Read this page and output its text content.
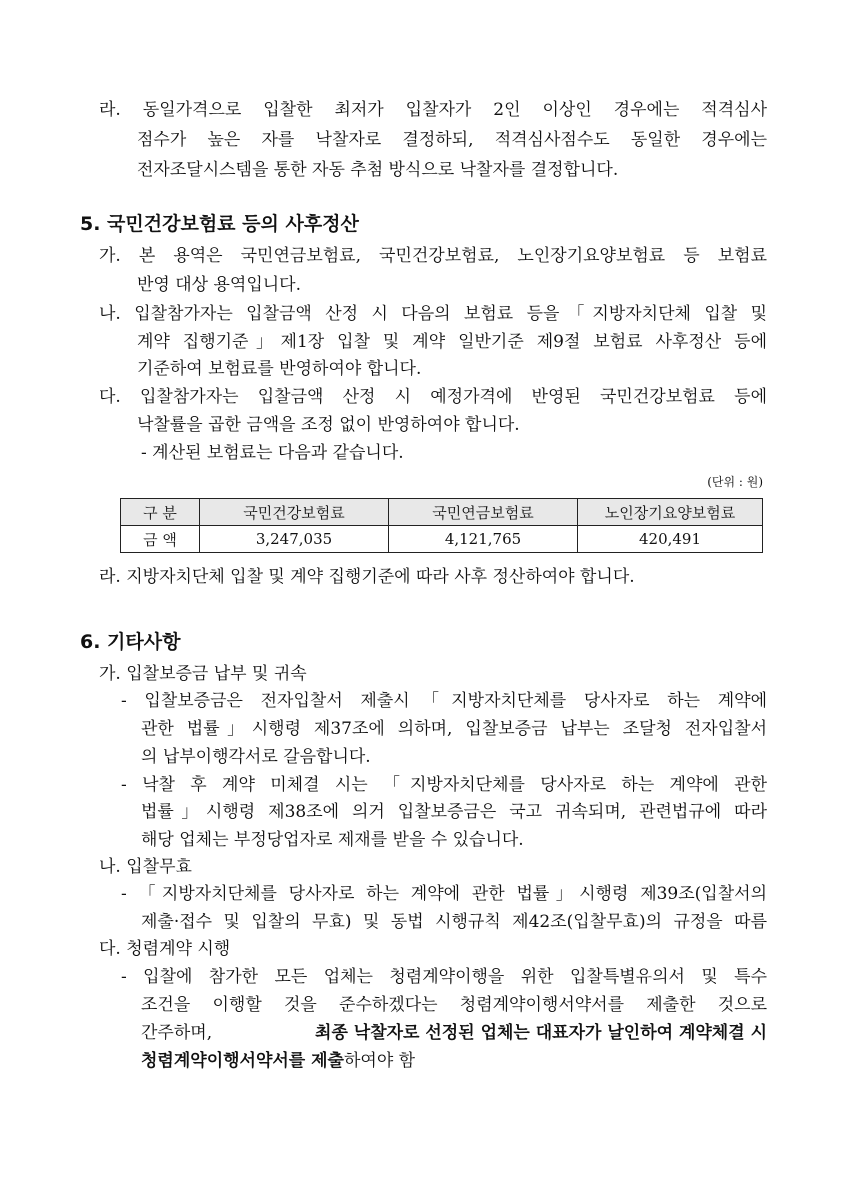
라. 동일가격으로 입찰한 최저가 입찰자가 2인 이상인 경우에는 적격심사
점수가 높은 자를 낙찰자로 결정하되, 적격심사점수도 동일한 경우에는
전자조달시스템을 통한 자동 추첨 방식으로 낙찰자를 결정합니다.
5. 국민건강보험료 등의 사후정산
가. 본 용역은 국민연금보험료, 국민건강보험료, 노인장기요양보험료 등 보험료
반영 대상 용역입니다.
나. 입찰참가자는 입찰금액 산정 시 다음의 보험료 등을「지방자치단체 입찰 및
계약 집행기준」제1장 입찰 및 계약 일반기준 제9절 보험료 사후정산 등에
기준하여 보험료를 반영하여야 합니다.
다. 입찰참가자는 입찰금액 산정 시 예정가격에 반영된 국민건강보험료 등에
낙찰률을 곱한 금액을 조정 없이 반영하여야 합니다.
- 계산된 보험료는 다음과 같습니다.
(단위 : 원)
구 분	국민건강보험료	국민연금보험료	노인장기요양보험료
금 액	3,247,035	4,121,765	420,491
라. 지방자치단체 입찰 및 계약 집행기준에 따라 사후 정산하여야 합니다.
6. 기타사항
가. 입찰보증금 납부 및 귀속
- 입찰보증금은 전자입찰서 제출시「지방자치단체를 당사자로 하는 계약에
관한 법률」시행령 제37조에 의하며, 입찰보증금 납부는 조달청 전자입찰서
의 납부이행각서로 갈음합니다.
- 낙찰 후 계약 미체결 시는 「지방자치단체를 당사자로 하는 계약에 관한
법률」시행령 제38조에 의거 입찰보증금은 국고 귀속되며, 관련법규에 따라
해당 업체는 부정당업자로 제재를 받을 수 있습니다.
나. 입찰무효
- 「지방자치단체를 당사자로 하는 계약에 관한 법률」시행령 제39조(입찰서의
제출·접수 및 입찰의 무효) 및 동법 시행규칙 제42조(입찰무효)의 규정을 따름
다. 청렴계약 시행
- 입찰에 참가한 모든 업체는 청렴계약이행을 위한 입찰특별유의서 및 특수
조건을 이행할 것을 준수하겠다는 청렴계약이행서약서를 제출한 것으로
간주하며,	최종 낙찰자로 선정된 업체는 대표자가 날인하여 계약체결 시
청렴계약이행서약서를 제출하여야 함
